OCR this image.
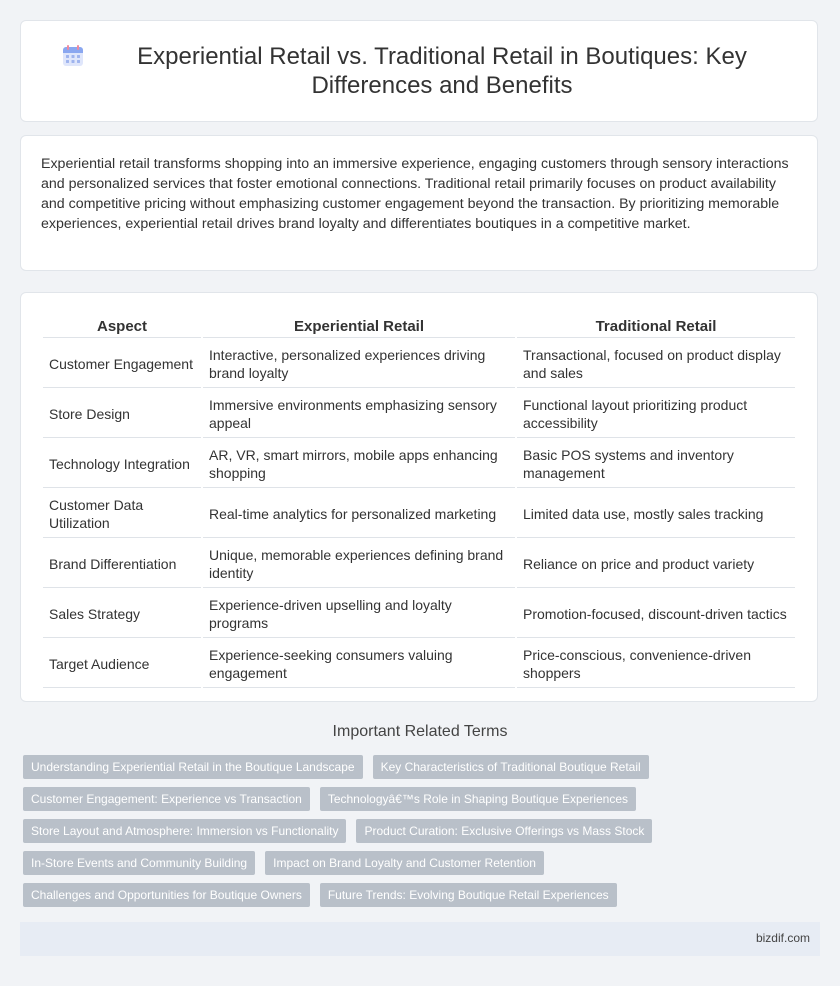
Experiential Retail vs. Traditional Retail in Boutiques: Key Differences and Benefits

Experiential retail transforms shopping into an immersive experience, engaging customers through sensory interactions and personalized services that foster emotional connections. Traditional retail primarily focuses on product availability and competitive pricing without emphasizing customer engagement beyond the transaction. By prioritizing memorable experiences, experiential retail drives brand loyalty and differentiates boutiques in a competitive market.

Aspect	Experiential Retail	Traditional Retail
Customer Engagement	Interactive, personalized experiences driving brand loyalty	Transactional, focused on product display and sales
Store Design	Immersive environments emphasizing sensory appeal	Functional layout prioritizing product accessibility
Technology Integration	AR, VR, smart mirrors, mobile apps enhancing shopping	Basic POS systems and inventory management
Customer Data Utilization	Real-time analytics for personalized marketing	Limited data use, mostly sales tracking
Brand Differentiation	Unique, memorable experiences defining brand identity	Reliance on price and product variety
Sales Strategy	Experience-driven upselling and loyalty programs	Promotion-focused, discount-driven tactics
Target Audience	Experience-seeking consumers valuing engagement	Price-conscious, convenience-driven shoppers
Important Related Terms
Understanding Experiential Retail in the Boutique Landscape	Key Characteristics of Traditional Boutique Retail
Customer Engagement: Experience vs Transaction	Technologyâ€™s Role in Shaping Boutique Experiences
Store Layout and Atmosphere: Immersion vs Functionality	Product Curation: Exclusive Offerings vs Mass Stock
In-Store Events and Community Building	Impact on Brand Loyalty and Customer Retention
Challenges and Opportunities for Boutique Owners	Future Trends: Evolving Boutique Retail Experiences
bizdif.com
